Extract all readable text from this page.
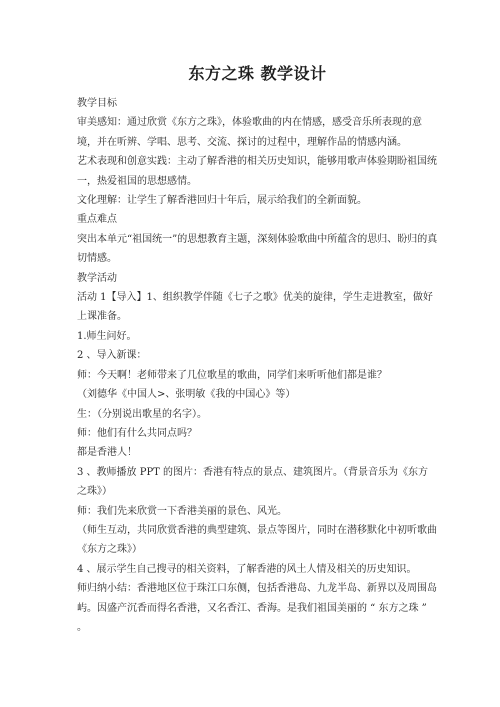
东方之珠 教学设计

教学目标

审美感知：通过欣赏《东方之珠》，体验歌曲的内在情感，感受音乐所表现的意境，并在听辨、学唱、思考、交流、探讨的过程中，理解作品的情感内涵。

艺术表现和创意实践：主动了解香港的相关历史知识，能够用歌声体验期盼祖国统一，热爱祖国的思想感情。

文化理解：让学生了解香港回归十年后，展示给我们的全新面貌。

重点难点

突出本单元“祖国统一”的思想教育主题，深刻体验歌曲中所蕴含的思归、盼归的真切情感。

教学活动

活动 1【导入】1、组织教学伴随《七子之歌》优美的旋律，学生走进教室，做好上课准备。

1.师生问好。

2 、导入新课：

师：今天啊！老师带来了几位歌星的歌曲，同学们来听听他们都是谁？

（刘德华《中国人>、张明敏《我的中国心》等）

生：（分别说出歌星的名字）。

师：他们有什么共同点吗？

都是香港人！

3 、教师播放 PPT 的图片：香港有特点的景点、建筑图片。（背景音乐为《东方之珠》）

师：我们先来欣赏一下香港美丽的景色、风光。

（师生互动，共同欣赏香港的典型建筑、景点等图片，同时在潜移默化中初听歌曲《东方之珠》）

4 、展示学生自己搜寻的相关资料，了解香港的风土人情及相关的历史知识。

师归纳小结：香港地区位于珠江口东侧，包括香港岛、九龙半岛、新界以及周围岛屿。因盛产沉香而得名香港，又名香江、香海。是我们祖国美丽的 “ 东方之珠 ” 。
